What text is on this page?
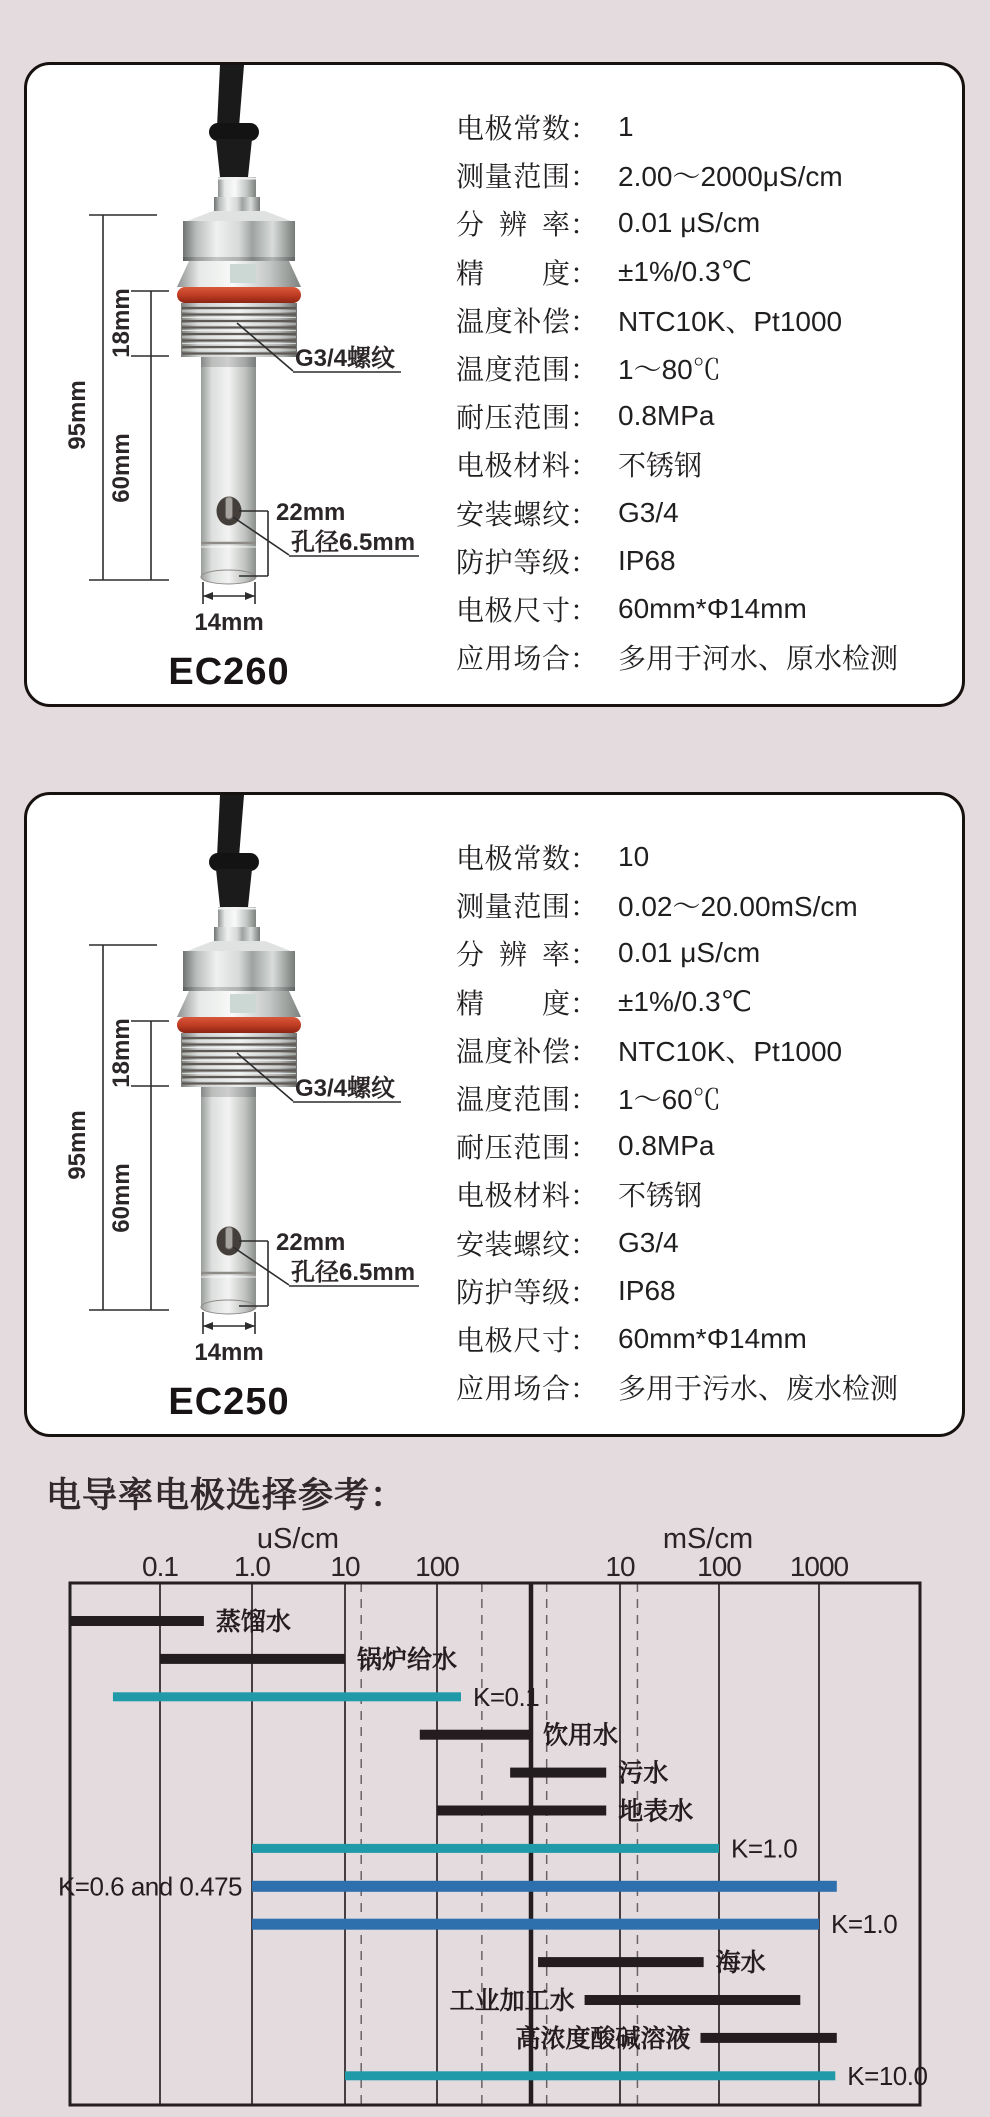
95mm
18mm
60mm
22mm
孔径6.5mm
G3/4螺纹
14mm
EC260
电 极 常 数 ： 1
测 量 范 围 ： 2.00～2000μS/cm
分 辨 率 ： 0.01 μS/cm
精 度 ： ±1%/0.3℃
温 度 补 偿 ： NTC10K、Pt1000
温 度 范 围 ： 1～80℃
耐 压 范 围 ： 0.8MPa
电 极 材 料 ： 不锈钢
安 装 螺 纹 ： G3/4
防 护 等 级 ： IP68
电 极 尺 寸 ： 60mm*Φ14mm
应 用 场 合 ： 多用于河水、原水检测
95mm
18mm
60mm
22mm
孔径6.5mm
G3/4螺纹
14mm
EC250
电 极 常 数 ： 10
测 量 范 围 ： 0.02～20.00mS/cm
分 辨 率 ： 0.01 μS/cm
精 度 ： ±1%/0.3℃
温 度 补 偿 ： NTC10K、Pt1000
温 度 范 围 ： 1～60℃
耐 压 范 围 ： 0.8MPa
电 极 材 料 ： 不锈钢
安 装 螺 纹 ： G3/4
防 护 等 级 ： IP68
电 极 尺 寸 ： 60mm*Φ14mm
应 用 场 合 ： 多用于污水、废水检测
电导率电极选择参考：
uS/cm	mS/cm
0.1 1.0 10 100	10 100 1000
蒸馏水
锅炉给水
K=0.1
饮用水
污水
地表水
K=1.0
K=0.6 and 0.475
K=1.0
海水
工业加工水
高浓度酸碱溶液
K=10.0
